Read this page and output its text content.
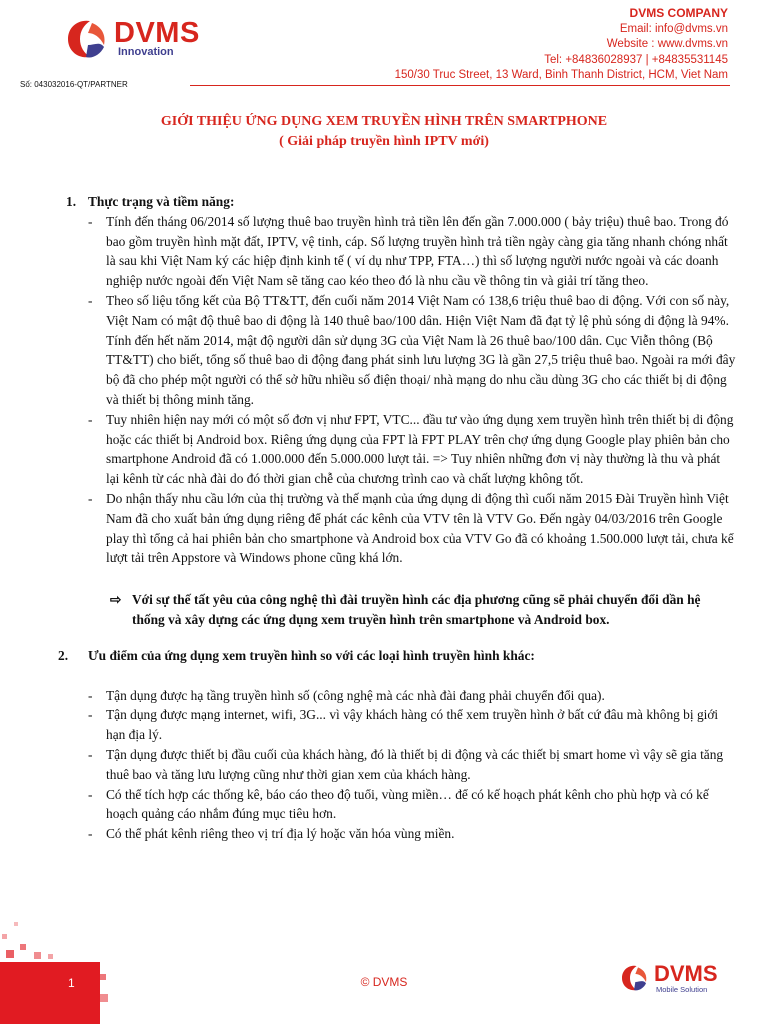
DVMS
Innovation
DVMS COMPANY
Email: info@dvms.vn
Website : www.dvms.vn
Tel: +84836028937 | +84835531145
150/30 Truc Street, 13 Ward, Binh Thanh District, HCM, Viet Nam
Số: 043032016-QT/PARTNER
GIỚI THIỆU ỨNG DỤNG XEM TRUYỀN HÌNH TRÊN SMARTPHONE
( Giải pháp truyền hình IPTV mới)
1. Thực trạng và tiềm năng:
- Tính đến tháng 06/2014 số lượng thuê bao truyền hình trả tiền lên đến gần 7.000.000 ( bảy triệu) thuê bao. Trong đó bao gồm truyền hình mặt đất, IPTV, vệ tinh, cáp. Số lượng truyền hình trả tiền ngày càng gia tăng nhanh chóng nhất là sau khi Việt Nam ký các hiệp định kinh tế ( ví dụ như TPP, FTA…) thì số lượng người nước ngoài và các doanh nghiệp nước ngoài đến Việt Nam sẽ tăng cao kéo theo đó là nhu cầu về thông tin và giải trí tăng theo.
- Theo số liệu tổng kết của Bộ TT&TT, đến cuối năm 2014 Việt Nam có 138,6 triệu thuê bao di động. Với con số này, Việt Nam có mật độ thuê bao di động là 140 thuê bao/100 dân. Hiện Việt Nam đã đạt tỷ lệ phủ sóng di động là 94%. Tính đến hết năm 2014, mật độ người dân sử dụng 3G của Việt Nam là 26 thuê bao/100 dân. Cục Viễn thông (Bộ TT&TT) cho biết, tổng số thuê bao di động đang phát sinh lưu lượng 3G là gần 27,5 triệu thuê bao. Ngoài ra mới đây bộ đã cho phép một người có thể sở hữu nhiều số điện thoại/ nhà mạng do nhu cầu dùng 3G cho các thiết bị di động và thiết bị thông minh tăng.
- Tuy nhiên hiện nay mới có một số đơn vị như FPT, VTC... đầu tư vào ứng dụng xem truyền hình trên thiết bị di động hoặc các thiết bị Android box. Riêng ứng dụng của FPT là FPT PLAY trên chợ ứng dụng Google play phiên bản cho smartphone Android đã có 1.000.000 đến 5.000.000 lượt tải. => Tuy nhiên những đơn vị này thường là thu và phát lại kênh từ các nhà đài do đó thời gian chễ của chương trình cao và chất lượng không tốt.
- Do nhận thấy nhu cầu lớn của thị trường và thế mạnh của ứng dụng di động thì cuối năm 2015 Đài Truyền hình Việt Nam đã cho xuất bản ứng dụng riêng để phát các kênh của VTV tên là VTV Go. Đến ngày 04/03/2016 trên Google play thì tổng cả hai phiên bản cho smartphone và Android box của VTV Go đã có khoảng 1.500.000 lượt tải, chưa kể lượt tải trên Appstore và Windows phone cũng khá lớn.
⇨ Với sự thế tất yêu của công nghệ thì đài truyền hình các địa phương cũng sẽ phải chuyển đổi dần hệ thống và xây dựng các ứng dụng xem truyền hình trên smartphone và Android box.
2.	Ưu điểm của ứng dụng xem truyền hình so với các loại hình truyền hình khác:
- Tận dụng được hạ tầng truyền hình số (công nghệ mà các nhà đài đang phải chuyển đổi qua).
- Tận dụng được mạng internet, wifi, 3G... vì vậy khách hàng có thể xem truyền hình ở bất cứ đâu mà không bị giới hạn địa lý.
- Tận dụng được thiết bị đầu cuối của khách hàng, đó là thiết bị di động và các thiết bị smart home vì vậy sẽ gia tăng thuê bao và tăng lưu lượng cũng như thời gian xem của khách hàng.
- Có thể tích hợp các thống kê, báo cáo theo độ tuổi, vùng miền… để có kế hoạch phát kênh cho phù hợp và có kế hoạch quảng cáo nhắm đúng mục tiêu hơn.
- Có thể phát kênh riêng theo vị trí địa lý hoặc văn hóa vùng miền.
1	© DVMS	DVMS
Mobile Solution
